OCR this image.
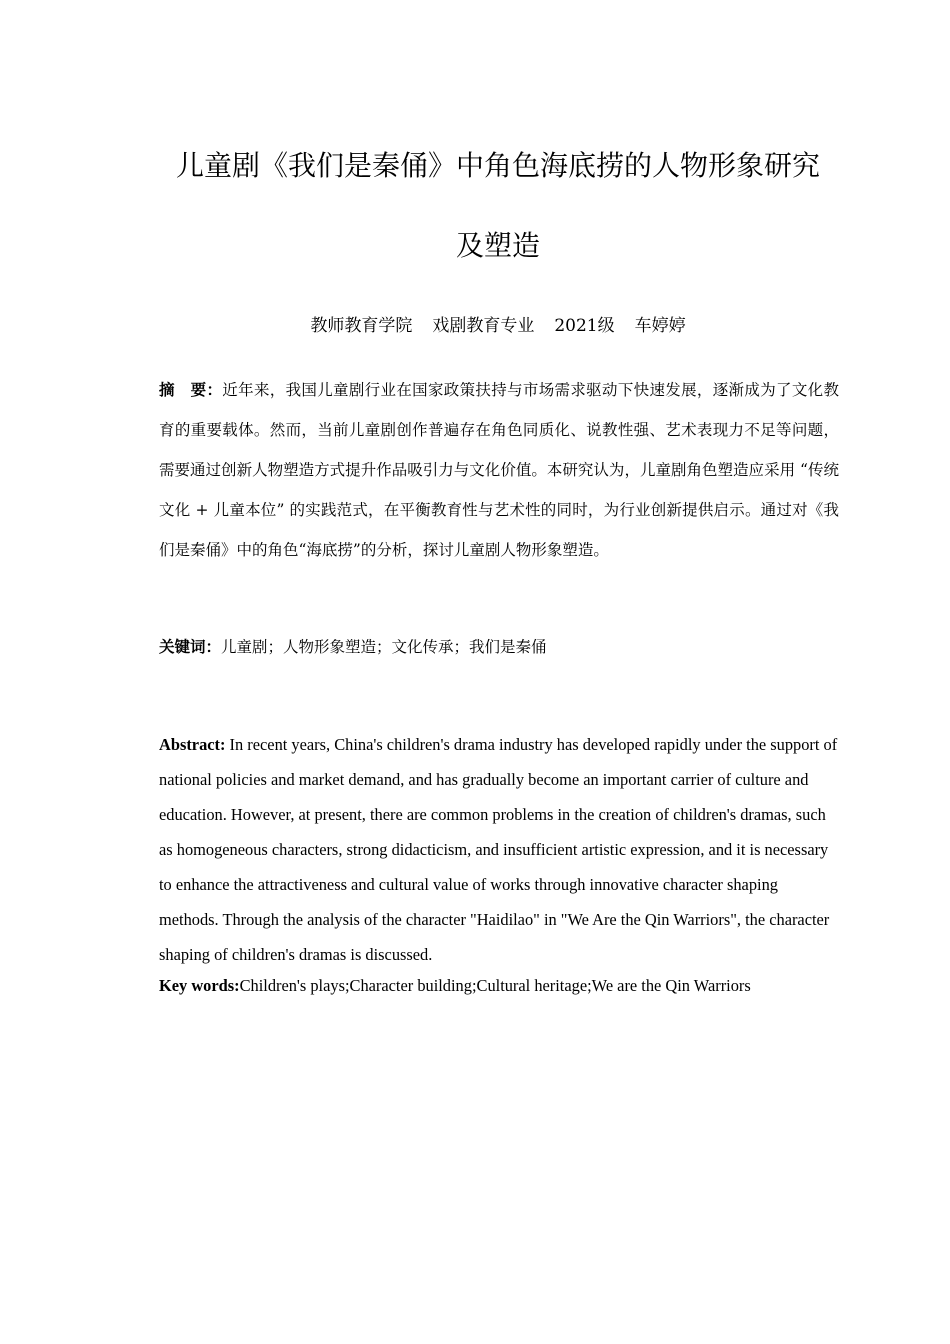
儿童剧《我们是秦俑》中角色海底捞的人物形象研究
及塑造
教师教育学院 戏剧教育专业 2021级 车婷婷
摘　要：近年来，我国儿童剧行业在国家政策扶持与市场需求驱动下快速发展，逐渐成为了文化教育的重要载体。然而，当前儿童剧创作普遍存在角色同质化、说教性强、艺术表现力不足等问题，需要通过创新人物塑造方式提升作品吸引力与文化价值。本研究认为，儿童剧角色塑造应采用 “传统文化 + 儿童本位” 的实践范式，在平衡教育性与艺术性的同时，为行业创新提供启示。通过对《我们是秦俑》中的角色“海底捞”的分析，探讨儿童剧人物形象塑造。
关键词：儿童剧；人物形象塑造；文化传承；我们是秦俑
Abstract: In recent years, China's children's drama industry has developed rapidly under the support of national policies and market demand, and has gradually become an important carrier of culture and education. However, at present, there are common problems in the creation of children's dramas, such as homogeneous characters, strong didacticism, and insufficient artistic expression, and it is necessary to enhance the attractiveness and cultural value of works through innovative character shaping methods. Through the analysis of the character "Haidilao" in "We Are the Qin Warriors", the character shaping of children's dramas is discussed.
Key words:Children's plays;Character building;Cultural heritage;We are the Qin Warriors
